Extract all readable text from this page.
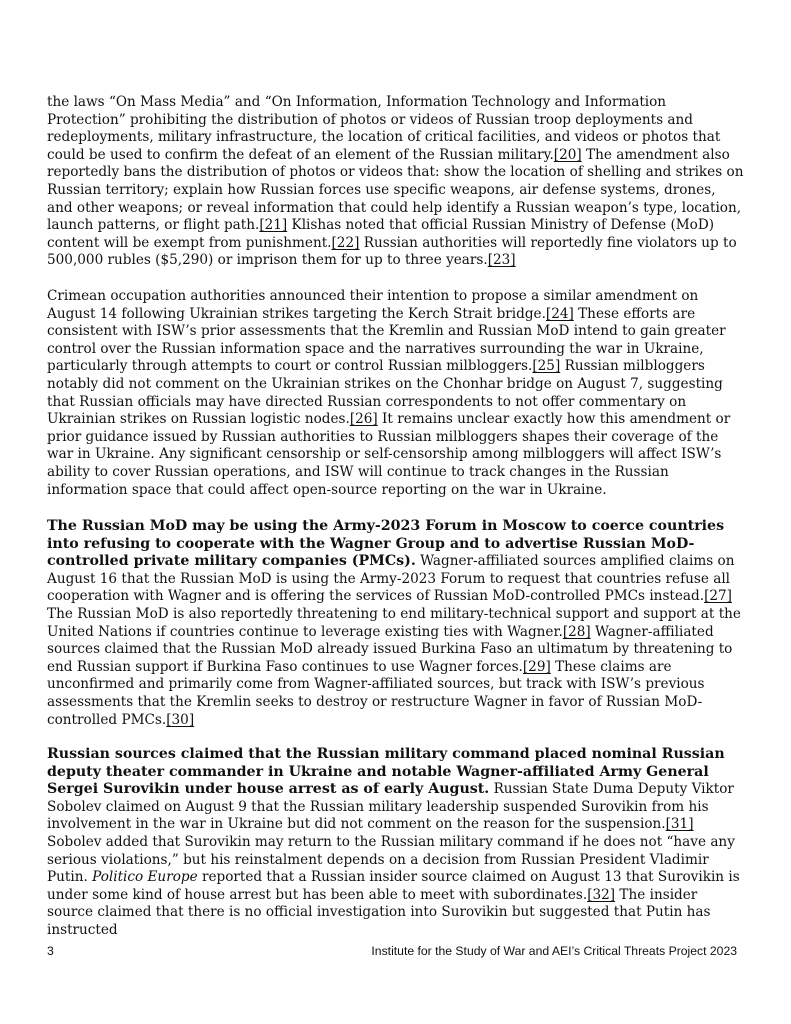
the laws “On Mass Media” and “On Information, Information Technology and Information Protection” prohibiting the distribution of photos or videos of Russian troop deployments and redeployments, military infrastructure, the location of critical facilities, and videos or photos that could be used to confirm the defeat of an element of the Russian military.[20] The amendment also reportedly bans the distribution of photos or videos that: show the location of shelling and strikes on Russian territory; explain how Russian forces use specific weapons, air defense systems, drones, and other weapons; or reveal information that could help identify a Russian weapon’s type, location, launch patterns, or flight path.[21] Klishas noted that official Russian Ministry of Defense (MoD) content will be exempt from punishment.[22] Russian authorities will reportedly fine violators up to 500,000 rubles ($5,290) or imprison them for up to three years.[23]

Crimean occupation authorities announced their intention to propose a similar amendment on August 14 following Ukrainian strikes targeting the Kerch Strait bridge.[24] These efforts are consistent with ISW’s prior assessments that the Kremlin and Russian MoD intend to gain greater control over the Russian information space and the narratives surrounding the war in Ukraine, particularly through attempts to court or control Russian milbloggers.[25] Russian milbloggers notably did not comment on the Ukrainian strikes on the Chonhar bridge on August 7, suggesting that Russian officials may have directed Russian correspondents to not offer commentary on Ukrainian strikes on Russian logistic nodes.[26] It remains unclear exactly how this amendment or prior guidance issued by Russian authorities to Russian milbloggers shapes their coverage of the war in Ukraine. Any significant censorship or self-censorship among milbloggers will affect ISW’s ability to cover Russian operations, and ISW will continue to track changes in the Russian information space that could affect open-source reporting on the war in Ukraine.

The Russian MoD may be using the Army-2023 Forum in Moscow to coerce countries into refusing to cooperate with the Wagner Group and to advertise Russian MoD-controlled private military companies (PMCs). Wagner-affiliated sources amplified claims on August 16 that the Russian MoD is using the Army-2023 Forum to request that countries refuse all cooperation with Wagner and is offering the services of Russian MoD-controlled PMCs instead.[27] The Russian MoD is also reportedly threatening to end military-technical support and support at the United Nations if countries continue to leverage existing ties with Wagner.[28] Wagner-affiliated sources claimed that the Russian MoD already issued Burkina Faso an ultimatum by threatening to end Russian support if Burkina Faso continues to use Wagner forces.[29] These claims are unconfirmed and primarily come from Wagner-affiliated sources, but track with ISW’s previous assessments that the Kremlin seeks to destroy or restructure Wagner in favor of Russian MoD-controlled PMCs.[30]

Russian sources claimed that the Russian military command placed nominal Russian deputy theater commander in Ukraine and notable Wagner-affiliated Army General Sergei Surovikin under house arrest as of early August. Russian State Duma Deputy Viktor Sobolev claimed on August 9 that the Russian military leadership suspended Surovikin from his involvement in the war in Ukraine but did not comment on the reason for the suspension.[31] Sobolev added that Surovikin may return to the Russian military command if he does not “have any serious violations,” but his reinstalment depends on a decision from Russian President Vladimir Putin. Politico Europe reported that a Russian insider source claimed on August 13 that Surovikin is under some kind of house arrest but has been able to meet with subordinates.[32] The insider source claimed that there is no official investigation into Surovikin but suggested that Putin has instructed

3	Institute for the Study of War and AEI’s Critical Threats Project 2023
